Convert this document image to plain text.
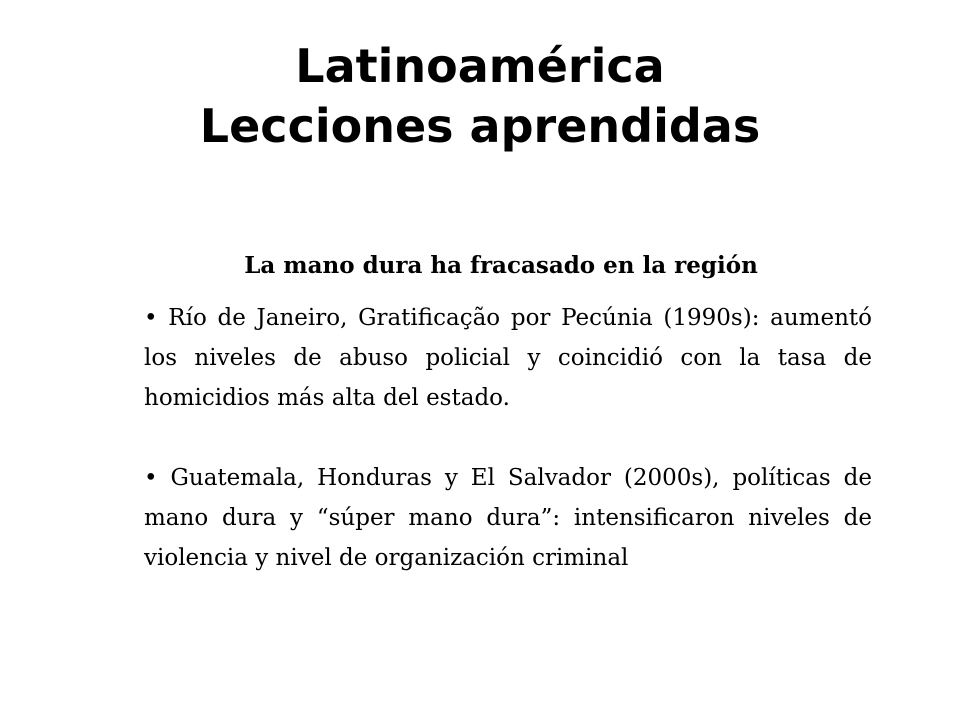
Latinoamérica
Lecciones aprendidas
La mano dura ha fracasado en la región

• Río de Janeiro, Gratificação por Pecúnia (1990s): aumentó los niveles de abuso policial y coincidió con la tasa de homicidios más alta del estado.

• Guatemala, Honduras y El Salvador (2000s), políticas de mano dura y “súper mano dura”: intensificaron niveles de violencia y nivel de organización criminal
